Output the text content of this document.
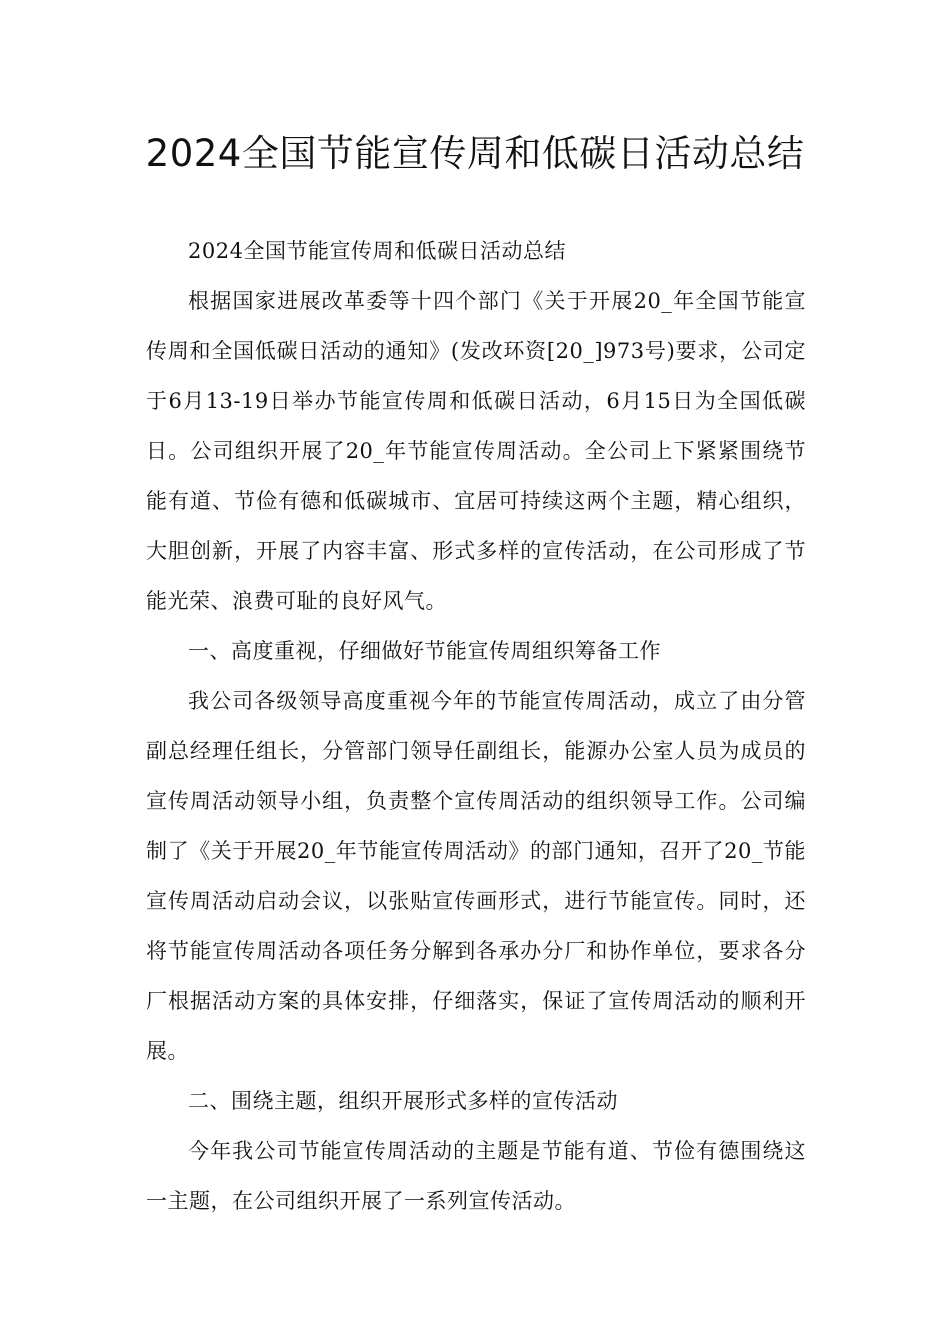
2024全国节能宣传周和低碳日活动总结

2024全国节能宣传周和低碳日活动总结

根据国家进展改革委等十四个部门《关于开展20_年全国节能宣传周和全国低碳日活动的通知》(发改环资[20_]973号)要求，公司定于6月13-19日举办节能宣传周和低碳日活动，6月15日为全国低碳日。公司组织开展了20_年节能宣传周活动。全公司上下紧紧围绕节能有道、节俭有德和低碳城市、宜居可持续这两个主题，精心组织，大胆创新，开展了内容丰富、形式多样的宣传活动，在公司形成了节能光荣、浪费可耻的良好风气。

一、高度重视，仔细做好节能宣传周组织筹备工作

我公司各级领导高度重视今年的节能宣传周活动，成立了由分管副总经理任组长，分管部门领导任副组长，能源办公室人员为成员的宣传周活动领导小组，负责整个宣传周活动的组织领导工作。公司编制了《关于开展20_年节能宣传周活动》的部门通知，召开了20_节能宣传周活动启动会议，以张贴宣传画形式，进行节能宣传。同时，还将节能宣传周活动各项任务分解到各承办分厂和协作单位，要求各分厂根据活动方案的具体安排，仔细落实，保证了宣传周活动的顺利开展。

二、围绕主题，组织开展形式多样的宣传活动

今年我公司节能宣传周活动的主题是节能有道、节俭有德围绕这一主题，在公司组织开展了一系列宣传活动。
